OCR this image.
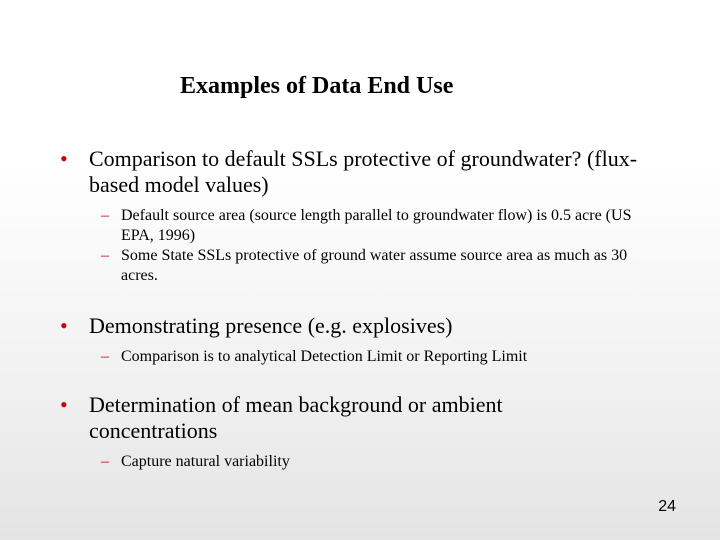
Examples of Data End Use
• Comparison to default SSLs protective of groundwater? (flux-based model values)
– Default source area (source length parallel to groundwater flow) is 0.5 acre (US EPA, 1996)
– Some State SSLs protective of ground water assume source area as much as 30 acres.
• Demonstrating presence (e.g. explosives)
– Comparison is to analytical Detection Limit or Reporting Limit
• Determination of mean background or ambient concentrations
– Capture natural variability
24
